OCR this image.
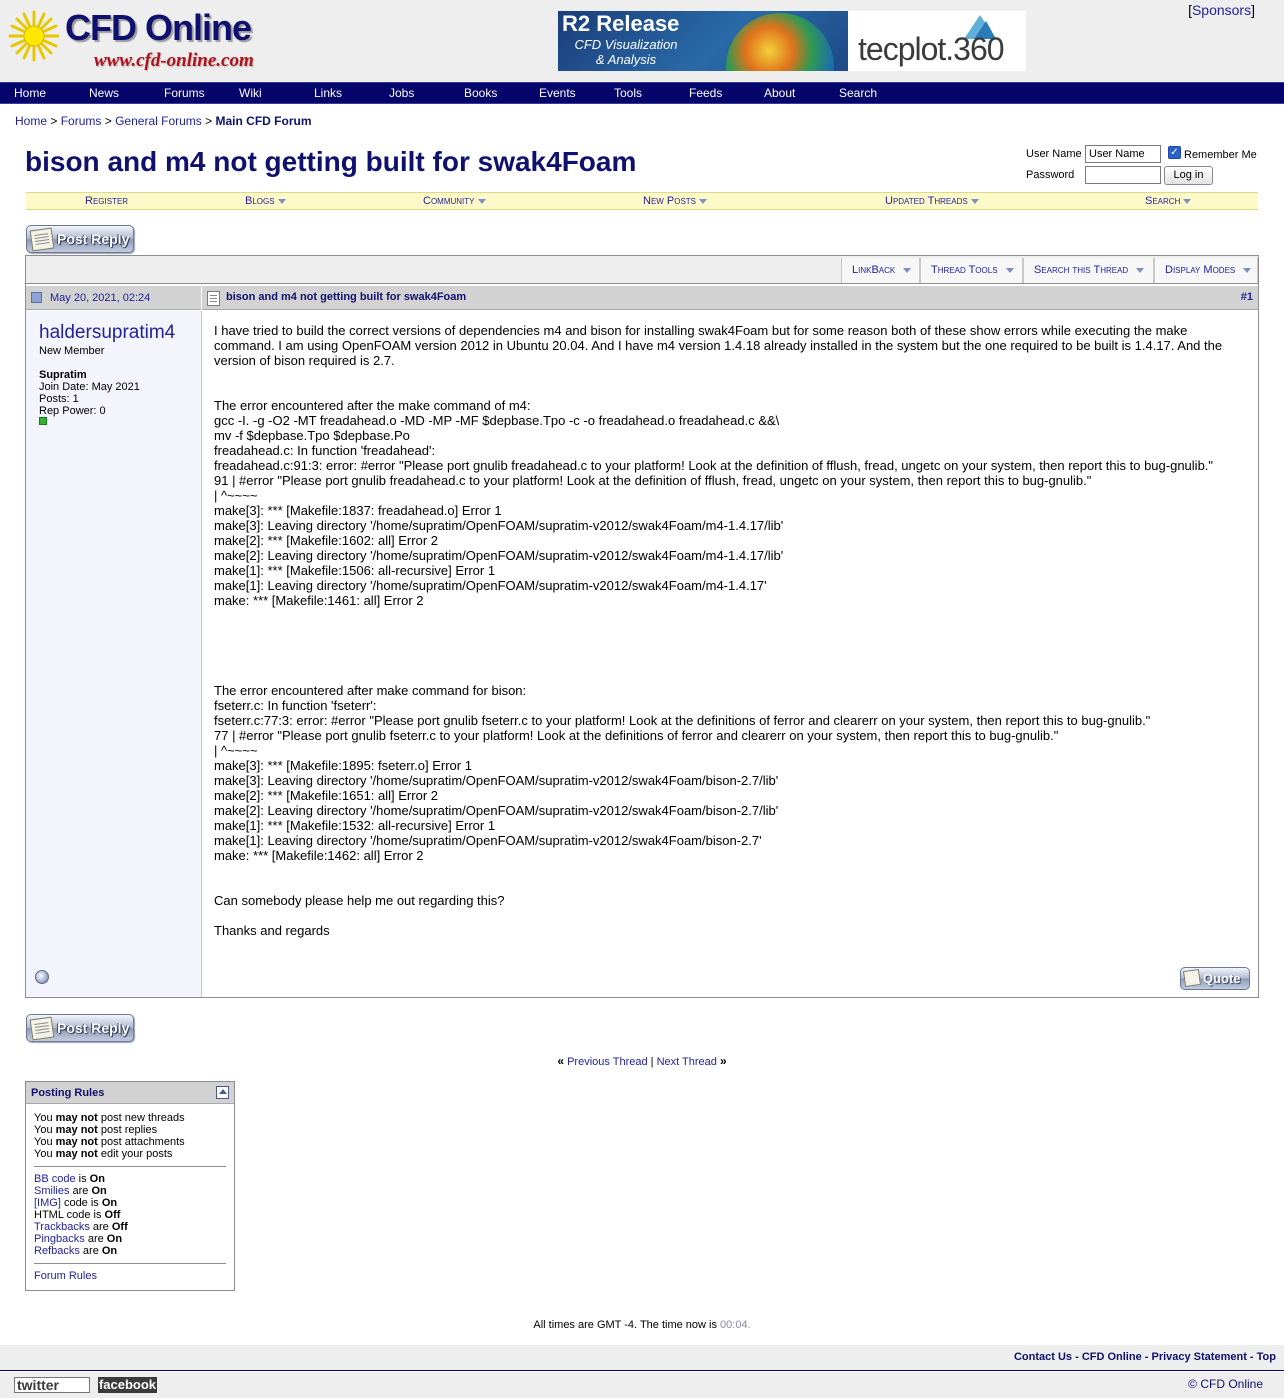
CFD Online
www.cfd-online.com
R2 Release
CFD Visualization
& Analysis	tecplot.360
[Sponsors]
Home	News	Forums	Wiki	Links	Jobs	Books	Events	Tools	Feeds	About	Search
Home > Forums > General Forums > Main CFD Forum
bison and m4 not getting built for swak4Foam	User Name
User Name	✓ Remember Me
Password	Log in
Register	Blogs	Community	New Posts	Updated Threads	Search
Post Reply
LinkBack	Thread Tools	Search this Thread	Display Modes
May 20, 2021, 02:24	bison and m4 not getting built for swak4Foam	#1
haldersupratim4
New Member
Supratim
Join Date: May 2021
Posts: 1
Rep Power: 0

I have tried to build the correct versions of dependencies m4 and bison for installing swak4Foam but for some reason both of these show errors while executing the make command. I am using OpenFOAM version 2012 in Ubuntu 20.04. And I have m4 version 1.4.18 already installed in the system but the one required to be built is 1.4.17. And the version of bison required is 2.7.

The error encountered after the make command of m4:
gcc -I. -g -O2 -MT freadahead.o -MD -MP -MF $depbase.Tpo -c -o freadahead.o freadahead.c &&\
mv -f $depbase.Tpo $depbase.Po
freadahead.c: In function 'freadahead':
freadahead.c:91:3: error: #error "Please port gnulib freadahead.c to your platform! Look at the definition of fflush, fread, ungetc on your system, then report this to bug-gnulib."
91 | #error "Please port gnulib freadahead.c to your platform! Look at the definition of fflush, fread, ungetc on your system, then report this to bug-gnulib."
| ^~~~~
make[3]: *** [Makefile:1837: freadahead.o] Error 1
make[3]: Leaving directory '/home/supratim/OpenFOAM/supratim-v2012/swak4Foam/m4-1.4.17/lib'
make[2]: *** [Makefile:1602: all] Error 2
make[2]: Leaving directory '/home/supratim/OpenFOAM/supratim-v2012/swak4Foam/m4-1.4.17/lib'
make[1]: *** [Makefile:1506: all-recursive] Error 1
make[1]: Leaving directory '/home/supratim/OpenFOAM/supratim-v2012/swak4Foam/m4-1.4.17'
make: *** [Makefile:1461: all] Error 2

The error encountered after make command for bison:
fseterr.c: In function 'fseterr':
fseterr.c:77:3: error: #error "Please port gnulib fseterr.c to your platform! Look at the definitions of ferror and clearerr on your system, then report this to bug-gnulib."
77 | #error "Please port gnulib fseterr.c to your platform! Look at the definitions of ferror and clearerr on your system, then report this to bug-gnulib."
| ^~~~~
make[3]: *** [Makefile:1895: fseterr.o] Error 1
make[3]: Leaving directory '/home/supratim/OpenFOAM/supratim-v2012/swak4Foam/bison-2.7/lib'
make[2]: *** [Makefile:1651: all] Error 2
make[2]: Leaving directory '/home/supratim/OpenFOAM/supratim-v2012/swak4Foam/bison-2.7/lib'
make[1]: *** [Makefile:1532: all-recursive] Error 1
make[1]: Leaving directory '/home/supratim/OpenFOAM/supratim-v2012/swak4Foam/bison-2.7'
make: *** [Makefile:1462: all] Error 2

Can somebody please help me out regarding this?

Thanks and regards

Quote
Post Reply
« Previous Thread | Next Thread »
Posting Rules
You may not post new threads
You may not post replies
You may not post attachments
You may not edit your posts
BB code is On
Smilies are On
[IMG] code is On
HTML code is Off
Trackbacks are Off
Pingbacks are On
Refbacks are On
Forum Rules
All times are GMT -4. The time now is 00:04.
Contact Us - CFD Online - Privacy Statement - Top
twitter	facebook	© CFD Online
